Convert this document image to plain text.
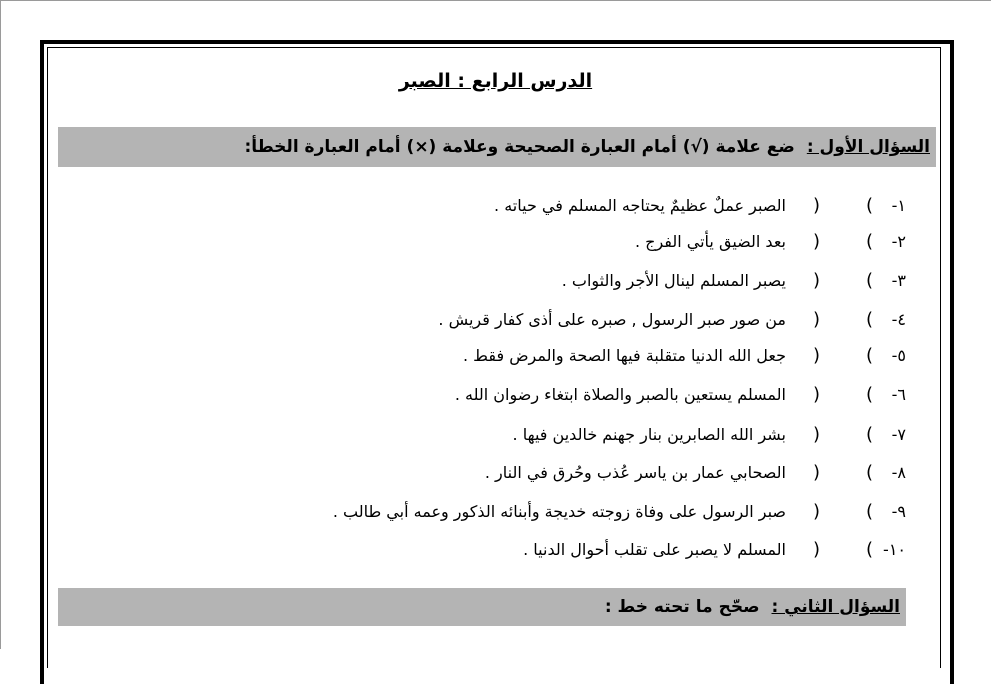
الدرس الرابع : الصبر
السؤال الأول :
ضع علامة (√) أمام العبارة الصحيحة وعلامة (×) أمام العبارة الخطأ:
١-
(
)
الصبر عملٌ عظيمٌ يحتاجه المسلم في حياته .
٢-
(
)
بعد الضيق يأتي الفرج .
٣-
(
)
يصبر المسلم لينال الأجر والثواب .
٤-
(
)
من صور صبر الرسول , صبره على أذى كفار قريش .
٥-
(
)
جعل الله الدنيا متقلبة فيها الصحة والمرض فقط .
٦-
(
)
المسلم يستعين بالصبر والصلاة ابتغاء رضوان الله .
٧-
(
)
بشر الله الصابرين بنار جهنم خالدين فيها .
٨-
(
)
الصحابي عمار بن ياسر عُذب وحُرق في النار .
٩-
(
)
صبر الرسول على وفاة زوجته خديجة وأبنائه الذكور وعمه أبي طالب .
١٠-
(
)
المسلم لا يصبر على تقلب أحوال الدنيا .
السؤال الثاني :
صحّح ما تحته خط :
